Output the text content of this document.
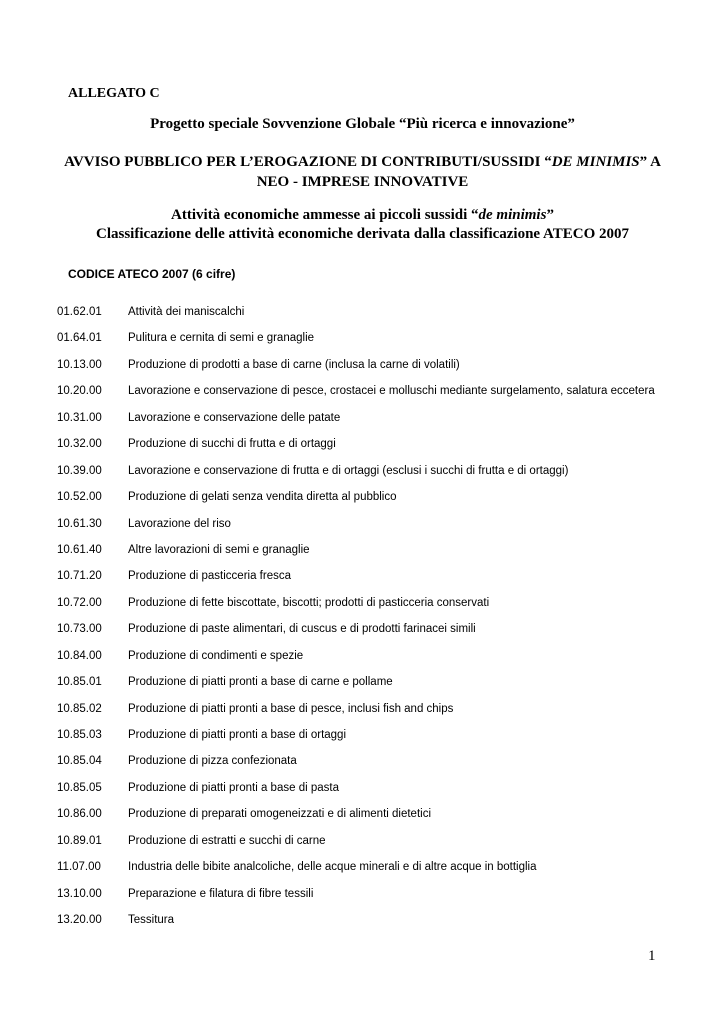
ALLEGATO C
Progetto speciale Sovvenzione Globale “Più ricerca e innovazione”
AVVISO PUBBLICO PER L’EROGAZIONE DI CONTRIBUTI/SUSSIDI “DE MINIMIS” A
NEO - IMPRESE INNOVATIVE
Attività economiche ammesse ai piccoli sussidi “de minimis”
Classificazione delle attività economiche derivata dalla classificazione ATECO 2007
CODICE ATECO 2007 (6 cifre)
01.62.01 Attività dei maniscalchi
01.64.01 Pulitura e cernita di semi e granaglie
10.13.00 Produzione di prodotti a base di carne (inclusa la carne di volatili)
10.20.00 Lavorazione e conservazione di pesce, crostacei e molluschi mediante surgelamento, salatura eccetera
10.31.00 Lavorazione e conservazione delle patate
10.32.00 Produzione di succhi di frutta e di ortaggi
10.39.00 Lavorazione e conservazione di frutta e di ortaggi (esclusi i succhi di frutta e di ortaggi)
10.52.00 Produzione di gelati senza vendita diretta al pubblico
10.61.30 Lavorazione del riso
10.61.40 Altre lavorazioni di semi e granaglie
10.71.20 Produzione di pasticceria fresca
10.72.00 Produzione di fette biscottate, biscotti; prodotti di pasticceria conservati
10.73.00 Produzione di paste alimentari, di cuscus e di prodotti farinacei simili
10.84.00 Produzione di condimenti e spezie
10.85.01 Produzione di piatti pronti a base di carne e pollame
10.85.02 Produzione di piatti pronti a base di pesce, inclusi fish and chips
10.85.03 Produzione di piatti pronti a base di ortaggi
10.85.04 Produzione di pizza confezionata
10.85.05 Produzione di piatti pronti a base di pasta
10.86.00 Produzione di preparati omogeneizzati e di alimenti dietetici
10.89.01 Produzione di estratti e succhi di carne
11.07.00 Industria delle bibite analcoliche, delle acque minerali e di altre acque in bottiglia
13.10.00 Preparazione e filatura di fibre tessili
13.20.00 Tessitura
1
